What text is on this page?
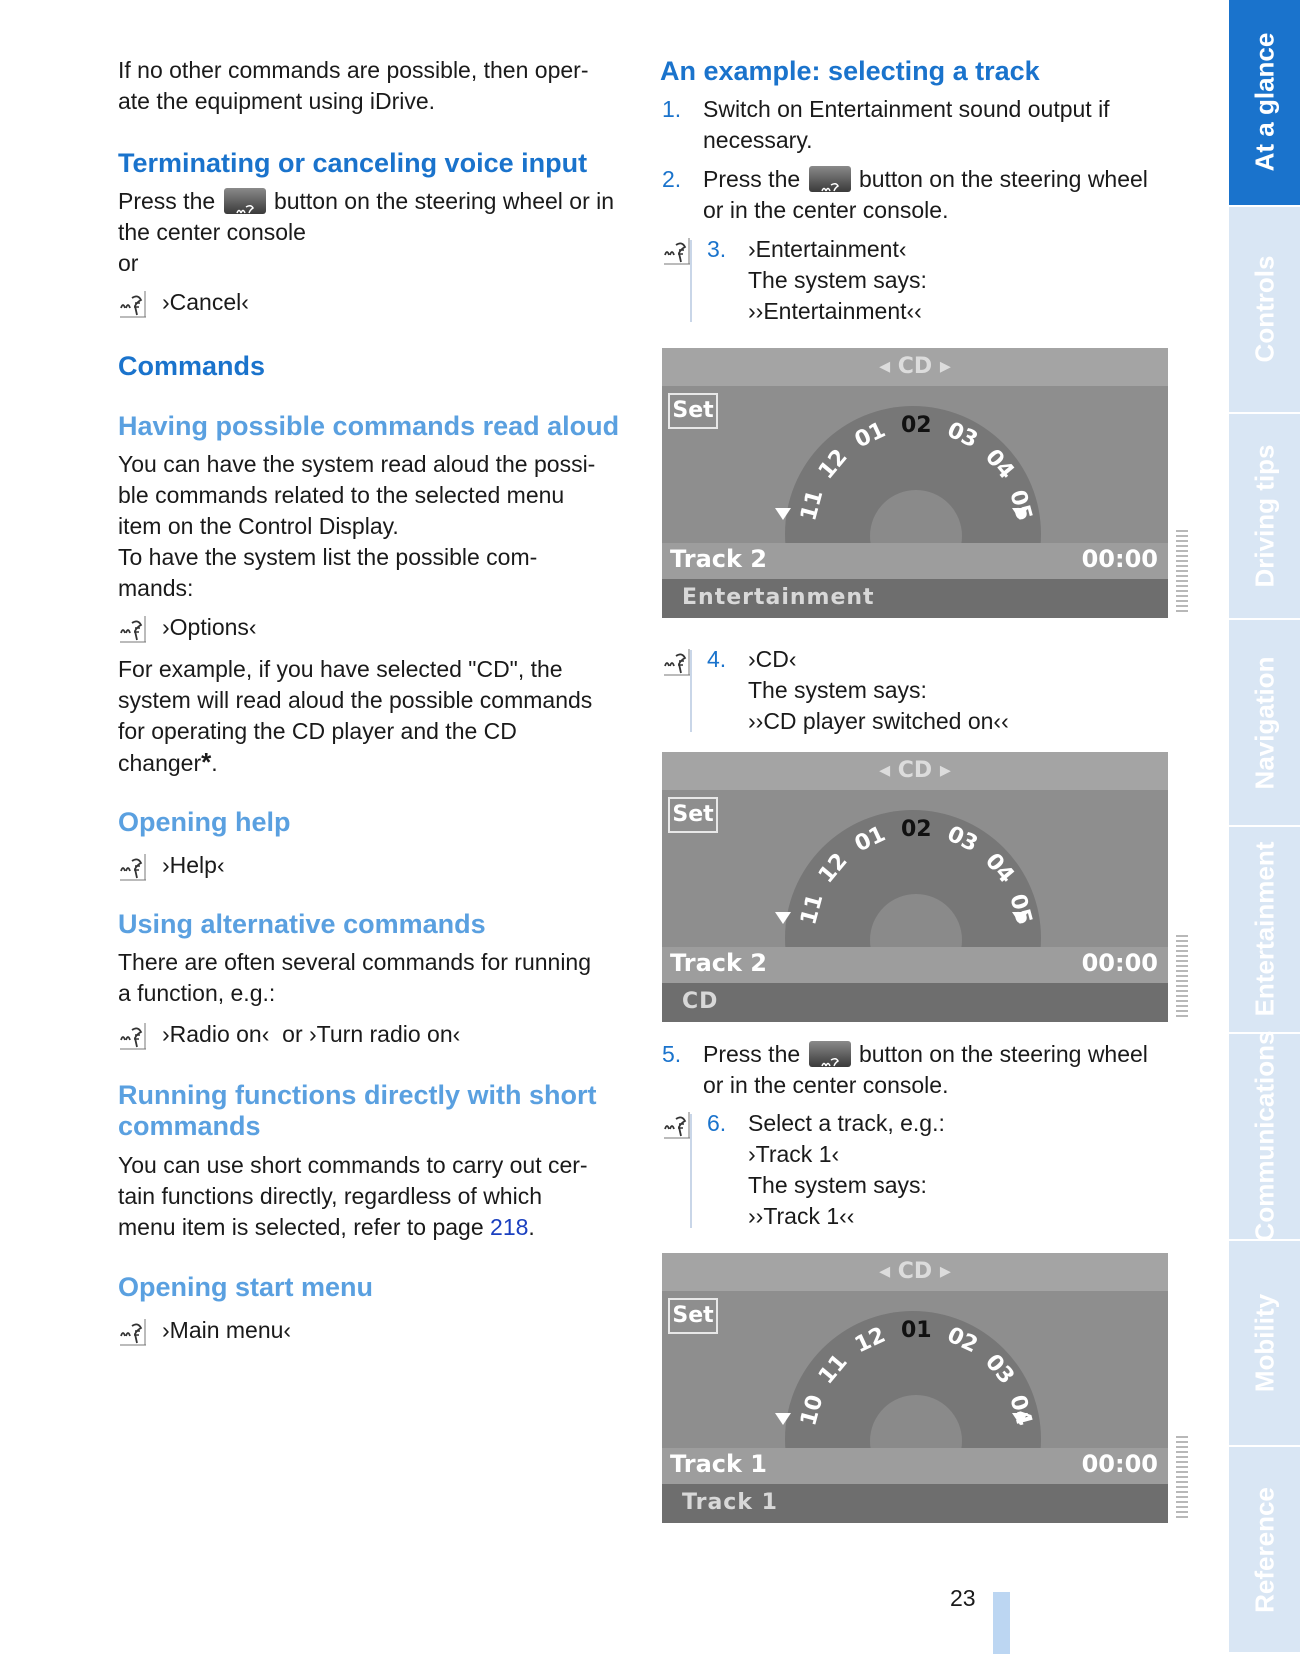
If no other commands are possible, then oper-

ate the equipment using iDrive.

Terminating or canceling voice input

Press the	button on the steering wheel or in

the center console

or

›Cancel‹
Commands
Having possible commands read aloud

You can have the system read aloud the possi-

ble commands related to the selected menu

item on the Control Display.

To have the system list the possible com-

mands:

›Options‹

For example, if you have selected "CD", the

system will read aloud the possible commands

for operating the CD player and the CD

changer*.

Opening help
›Help‹
Using alternative commands

There are often several commands for running

a function, e.g.:

›Radio on‹  or ›Turn radio on‹
Running functions directly with short
commands

You can use short commands to carry out cer-

tain functions directly, regardless of which

menu item is selected, refer to page 218.

Opening start menu
›Main menu‹
An example: selecting a track
1. Switch on Entertainment sound output if
necessary.
2. Press the	button on the steering wheel
or in the center console.
3. ›Entertainment‹
The system says:
››Entertainment‹‹
4. ›CD‹
The system says:
››CD player switched on‹‹
5. Press the	button on the steering wheel
or in the center console.
6. Select a track, e.g.:
›Track 1‹
The system says:
››Track 1‹‹
◂ CD ▸
Set
Track 2	00:00
Entertainment
11
12
01 02 03
04
05
◂ CD ▸
Set
Track 2	00:00
CD
11
12
01 02 03
04
05
◂ CD ▸
Set
Track 1	00:00
Track 1
10
11
12 01 02
03
04
At a glance
Controls
Driving tips
Navigation
Entertainment
Communications
Mobility
Reference
23
